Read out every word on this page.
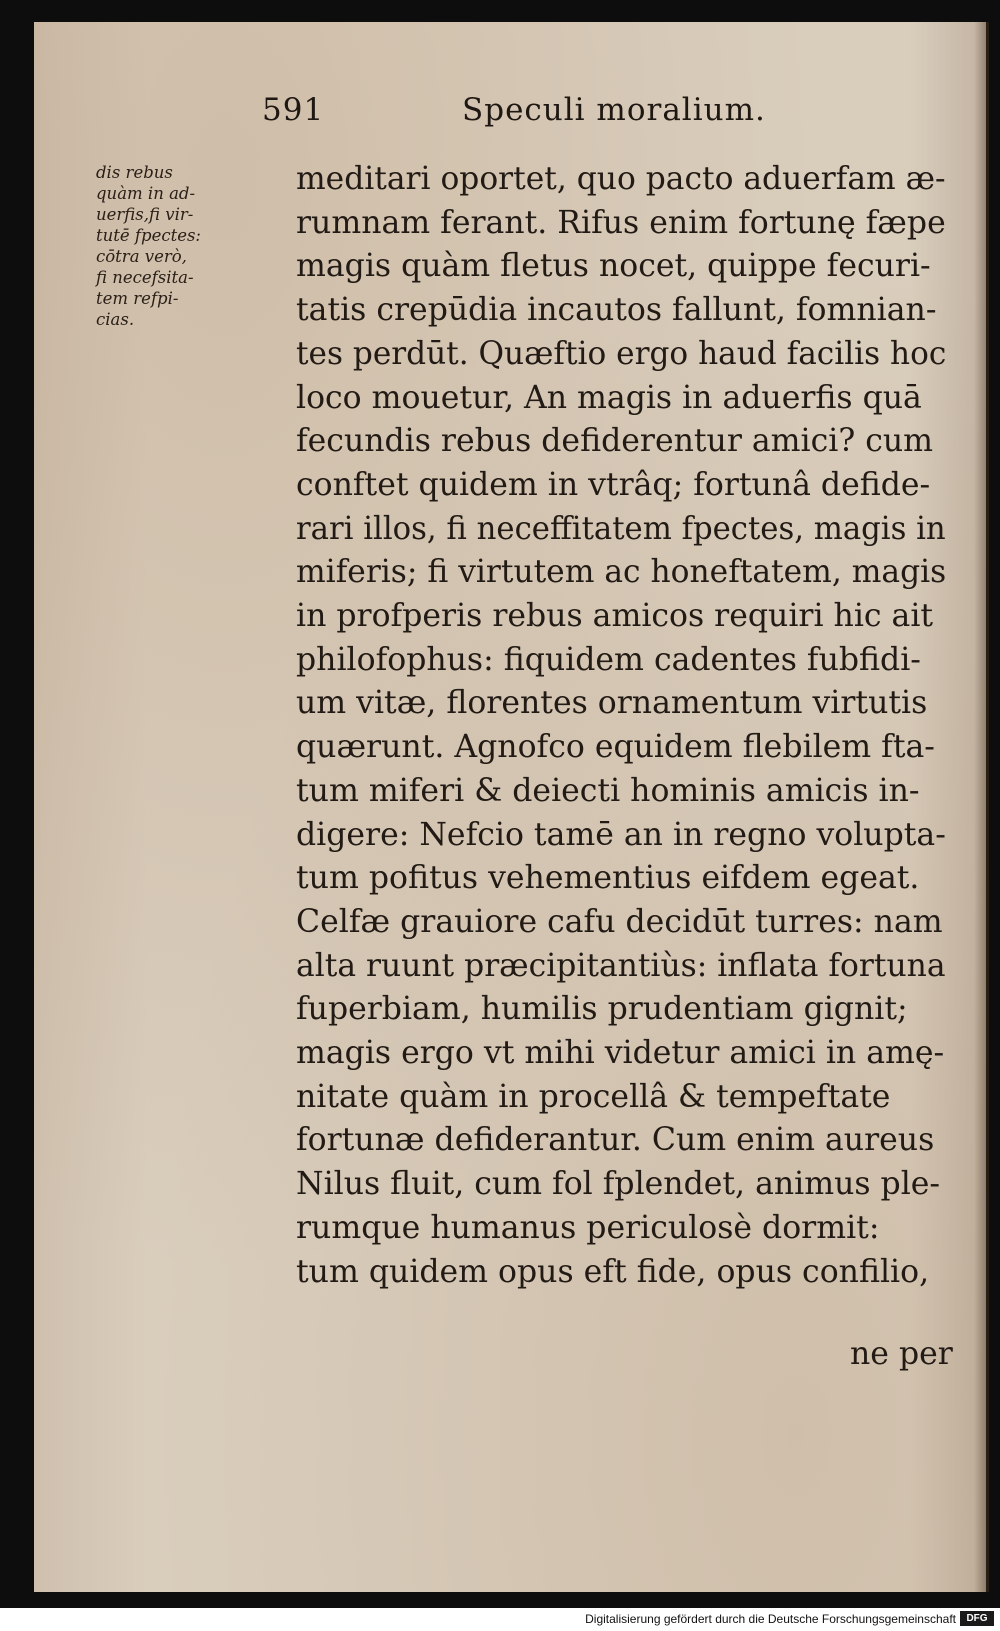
591	Speculi moralium.
dis rebus
quàm in ad-
uerfis,fi vir-
tutē fpectes:
cōtra verò,
fi necefsita-
tem refpi-
cias.
meditari oportet, quo pacto aduerfam æ-
rumnam ferant. Rifus enim fortunę fæpe
magis quàm fletus nocet, quippe fecuri-
tatis crepūdia incautos fallunt, fomnian-
tes perdūt. Quæftio ergo haud facilis hoc
loco mouetur, An magis in aduerfis quā
fecundis rebus defiderentur amici? cum
conftet quidem in vtrâq; fortunâ defide-
rari illos, fi neceffitatem fpectes, magis in
miferis; fi virtutem ac honeftatem, magis
in profperis rebus amicos requiri hic ait
philofophus: fiquidem cadentes fubfidi-
um vitæ, florentes ornamentum virtutis
quærunt. Agnofco equidem flebilem fta-
tum miferi & deiecti hominis amicis in-
digere: Nefcio tamē an in regno volupta-
tum pofitus vehementius eifdem egeat.
Celfæ grauiore cafu decidūt turres: nam
alta ruunt præcipitantiùs: inflata fortuna
fuperbiam, humilis prudentiam gignit;
magis ergo vt mihi videtur amici in amę-
nitate quàm in procellâ & tempeftate
fortunæ defiderantur. Cum enim aureus
Nilus fluit, cum fol fplendet, animus ple-
rumque humanus periculosè dormit:
tum quidem opus eft fide, opus confilio,
ne per
Digitalisierung gefördert durch die Deutsche Forschungsgemeinschaft	DFG
